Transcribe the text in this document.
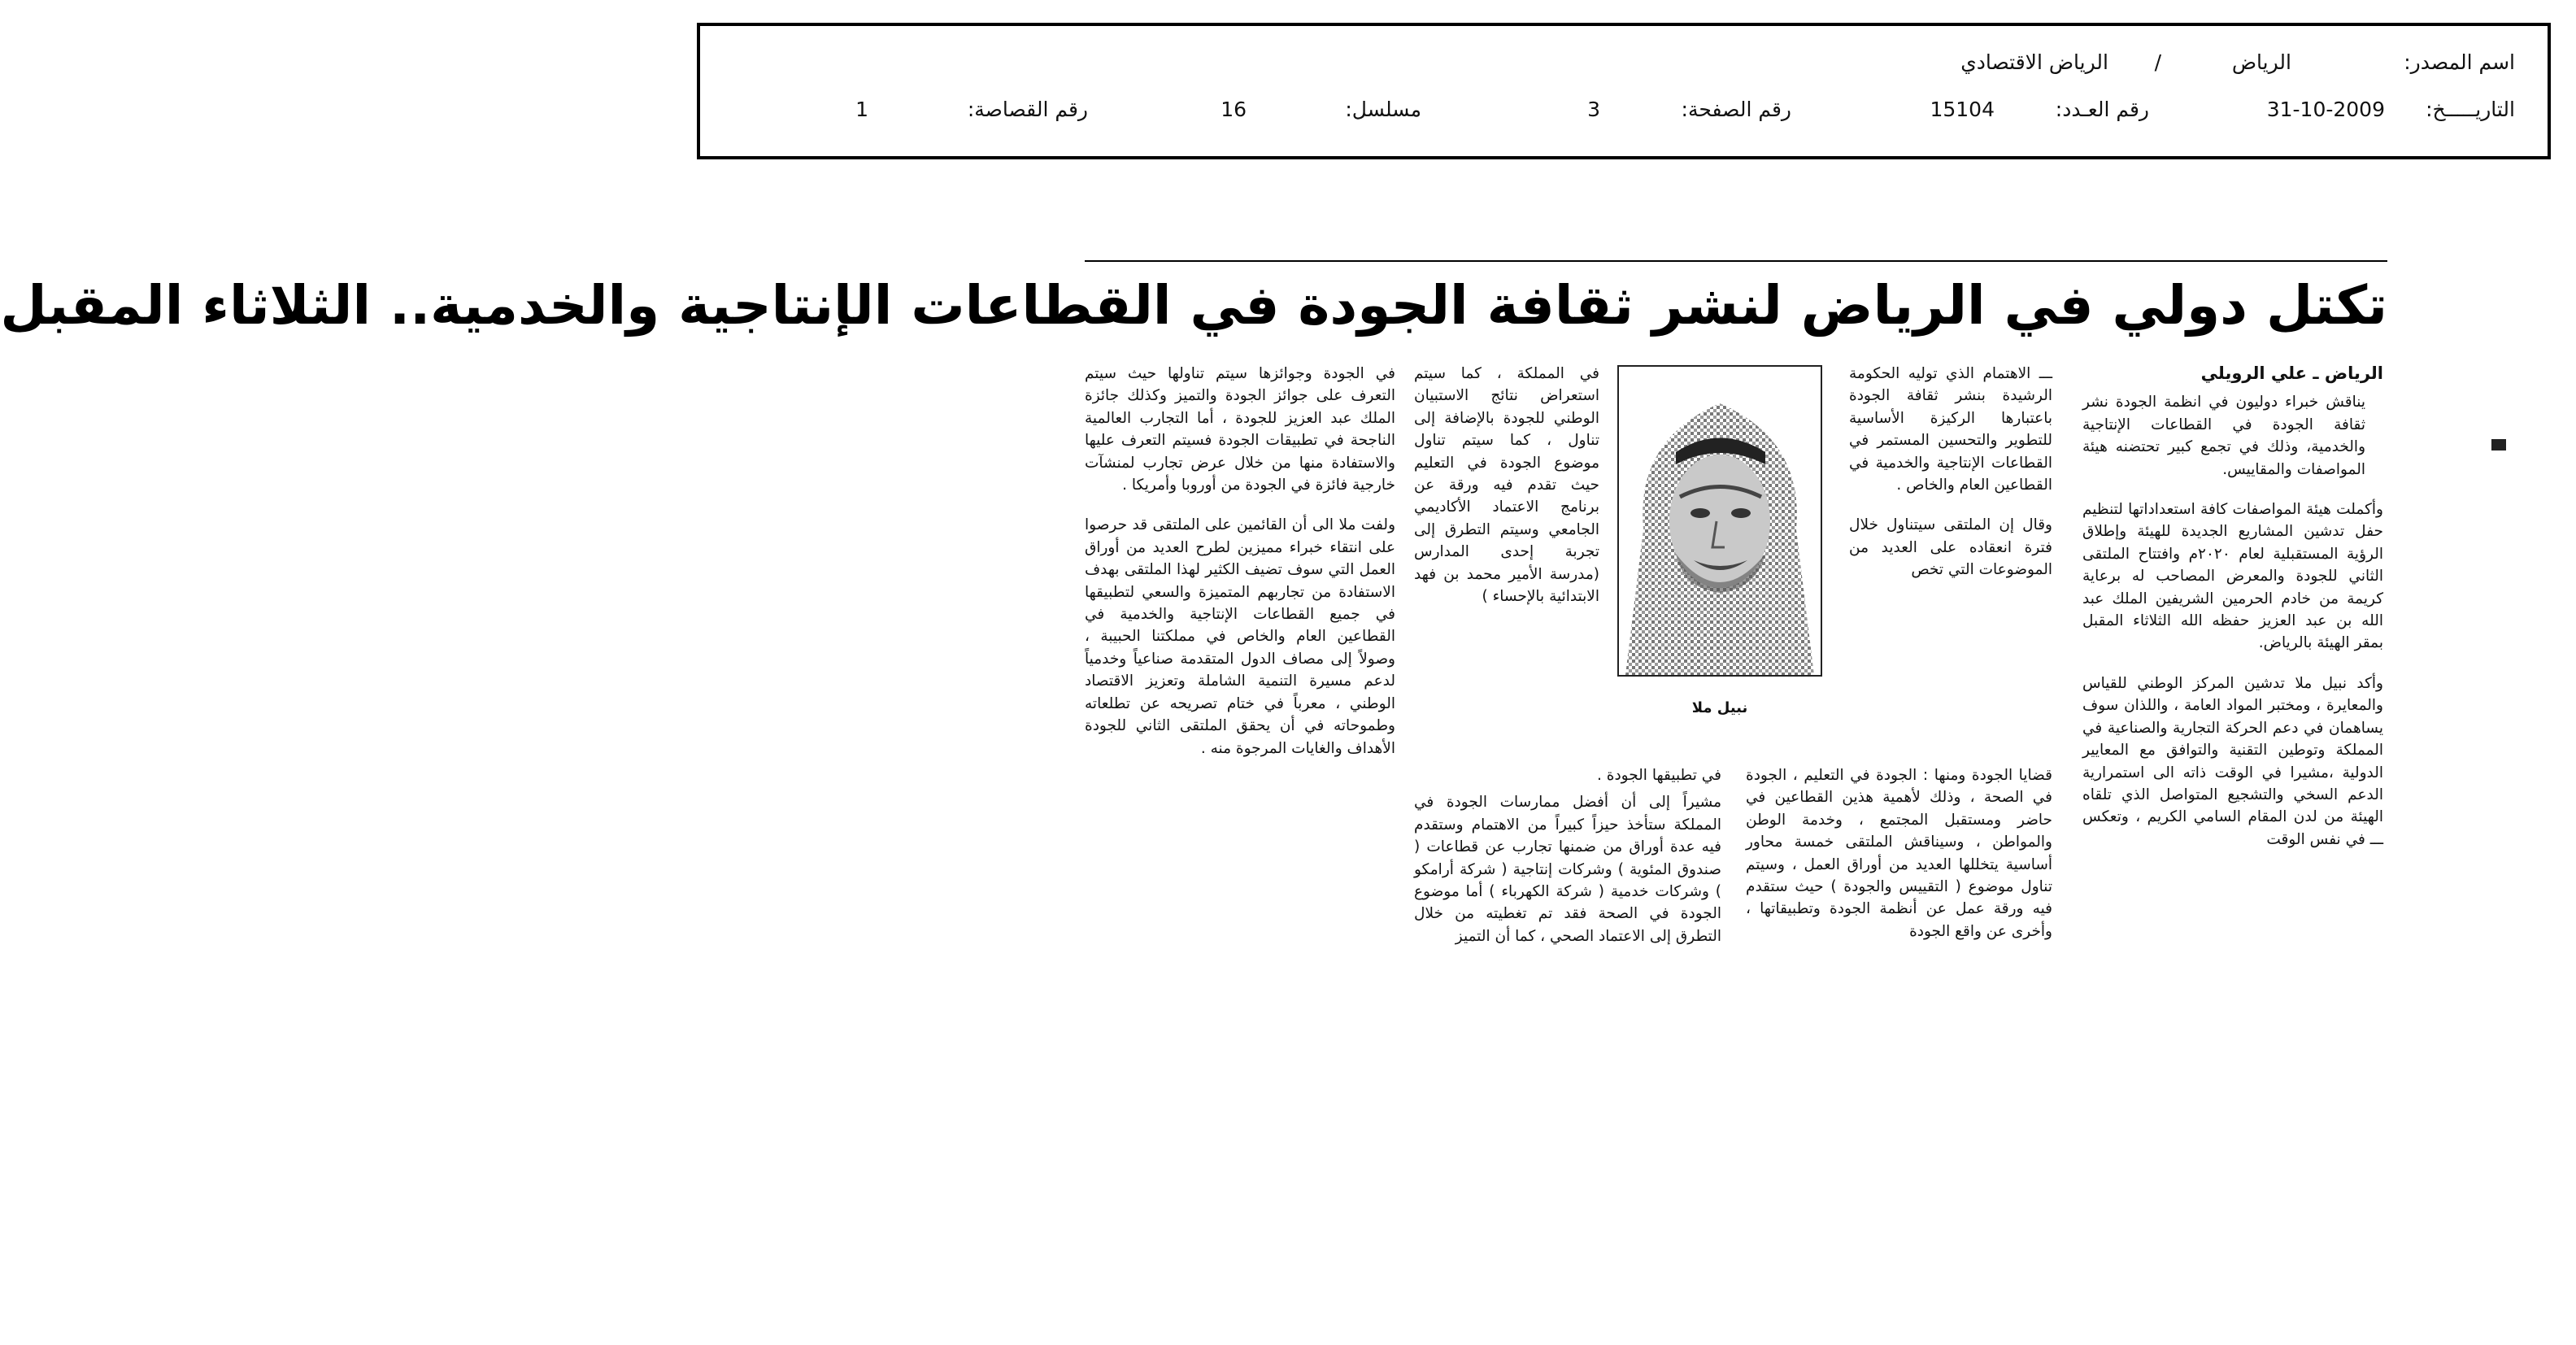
اسم المصدر:
الرياض
/
الرياض الاقتصادي
التاريـــــخ:
31-10-2009
رقم العـدد:
15104
رقم الصفحة:
3
مسلسل:
16
رقم القصاصة:
1
تكتل دولي في الرياض لنشر ثقافة الجودة في القطاعات الإنتاجية والخدمية.. الثلاثاء المقبل
الرياض ـ علي الرويلي

يناقش خبراء دوليون في انظمة الجودة نشر ثقافة الجودة في القطاعات الإنتاجية والخدمية، وذلك في تجمع كبير تحتضنه هيئة المواصفات والمقاييس.

وأكملت هيئة المواصفات كافة استعداداتها لتنظيم حفل تدشين المشاريع الجديدة للهيئة وإطلاق الرؤية المستقبلية لعام ٢٠٢٠م وافتتاح الملتقى الثاني للجودة والمعرض المصاحب له برعاية كريمة من خادم الحرمين الشريفين الملك عبد الله بن عبد العزيز حفظه الله الثلاثاء المقبل بمقر الهيئة بالرياض.

وأكد نبيل ملا تدشين المركز الوطني للقياس والمعايرة ، ومختبر المواد العامة ، واللذان سوف يساهمان في دعم الحركة التجارية والصناعية في المملكة وتوطين التقنية والتوافق مع المعايير الدولية ،مشيرا في الوقت ذاته الى استمرارية الدعم السخي والتشجيع المتواصل الذي تلقاه الهيئة من لدن المقام السامي الكريم ، وتعكس ـــ في نفس الوقت

ـــ الاهتمام الذي توليه الحكومة الرشيدة بنشر ثقافة الجودة باعتبارها الركيزة الأساسية للتطوير والتحسين المستمر في القطاعات الإنتاجية والخدمية في القطاعين العام والخاص .

وقال إن الملتقى سيتناول خلال فترة انعقاده على العديد من الموضوعات التي تخص

نبيل ملا

قضايا الجودة ومنها : الجودة في التعليم ، الجودة في الصحة ، وذلك لأهمية هذين القطاعين في حاضر ومستقبل المجتمع ، وخدمة الوطن والمواطن ، وسيناقش الملتقى خمسة محاور أساسية يتخللها العديد من أوراق العمل ، وسيتم تناول موضوع ( التقييس والجودة ) حيث ستقدم فيه ورقة عمل عن أنظمة الجودة وتطبيقاتها ، وأخرى عن واقع الجودة

في المملكة ، كما سيتم استعراض نتائج الاستبيان الوطني للجودة بالإضافة إلى تناول ، كما سيتم تناول موضوع الجودة في التعليم حيث تقدم فيه ورقة عن برنامج الاعتماد الأكاديمي الجامعي وسيتم التطرق إلى تجربة إحدى المدارس (مدرسة الأمير محمد بن فهد الابتدائية بالإحساء )

في تطبيقها الجودة .

مشيراً إلى أن أفضل ممارسات الجودة في المملكة ستأخذ حيزاً كبيراً من الاهتمام وستقدم فيه عدة أوراق من ضمنها تجارب عن قطاعات ( صندوق المئوية ) وشركات إنتاجية ( شركة أرامكو ) وشركات خدمية ( شركة الكهرباء ) أما موضوع الجودة في الصحة فقد تم تغطيته من خلال التطرق إلى الاعتماد الصحي ، كما أن التميز

في الجودة وجوائزها سيتم تناولها حيث سيتم التعرف على جوائز الجودة والتميز وكذلك جائزة الملك عبد العزيز للجودة ، أما التجارب العالمية الناجحة في تطبيقات الجودة فسيتم التعرف عليها والاستفادة منها من خلال عرض تجارب لمنشآت خارجية فائزة في الجودة من أوروبا وأمريكا .

ولفت ملا الى أن القائمين على الملتقى قد حرصوا على انتقاء خبراء مميزين لطرح العديد من أوراق العمل التي سوف تضيف الكثير لهذا الملتقى بهدف الاستفادة من تجاربهم المتميزة والسعي لتطبيقها في جميع القطاعات الإنتاجية والخدمية في القطاعين العام والخاص في مملكتنا الحبيبة ، وصولاً إلى مصاف الدول المتقدمة صناعياً وخدمياً لدعم مسيرة التنمية الشاملة وتعزيز الاقتصاد الوطني ، معرباً في ختام تصريحه عن تطلعاته وطموحاته في أن يحقق الملتقى الثاني للجودة الأهداف والغايات المرجوة منه .
